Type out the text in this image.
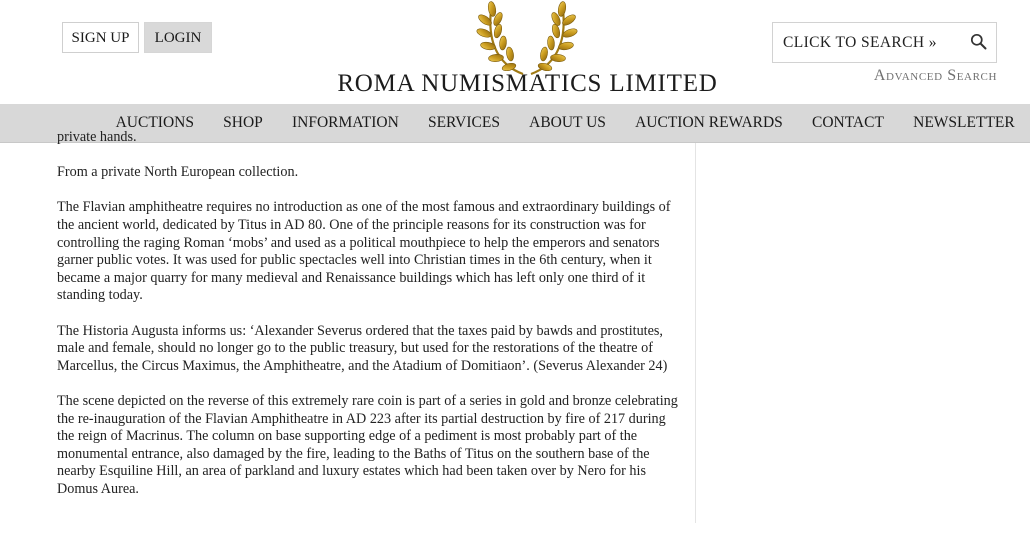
SIGN UP	LOGIN
ROMA NUMISMATICS LIMITED
CLICK TO SEARCH »
Advanced Search
AUCTIONS	SHOP	INFORMATION	SERVICES	ABOUT US	AUCTION REWARDS	CONTACT	NEWSLETTER

private hands.

From a private North European collection.

The Flavian amphitheatre requires no introduction as one of the most famous and extraordinary buildings of the ancient world, dedicated by Titus in AD 80. One of the principle reasons for its construction was for controlling the raging Roman ‘mobs’ and used as a political mouthpiece to help the emperors and senators garner public votes. It was used for public spectacles well into Christian times in the 6th century, when it became a major quarry for many medieval and Renaissance buildings which has left only one third of it standing today.

The Historia Augusta informs us: ‘Alexander Severus ordered that the taxes paid by bawds and prostitutes, male and female, should no longer go to the public treasury, but used for the restorations of the theatre of Marcellus, the Circus Maximus, the Amphitheatre, and the Atadium of Domitiaon’. (Severus Alexander 24)

The scene depicted on the reverse of this extremely rare coin is part of a series in gold and bronze celebrating the re-inauguration of the Flavian Amphitheatre in AD 223 after its partial destruction by fire of 217 during the reign of Macrinus. The column on base supporting edge of a pediment is most probably part of the monumental entrance, also damaged by the fire, leading to the Baths of Titus on the southern base of the nearby Esquiline Hill, an area of parkland and luxury estates which had been taken over by Nero for his Domus Aurea.
